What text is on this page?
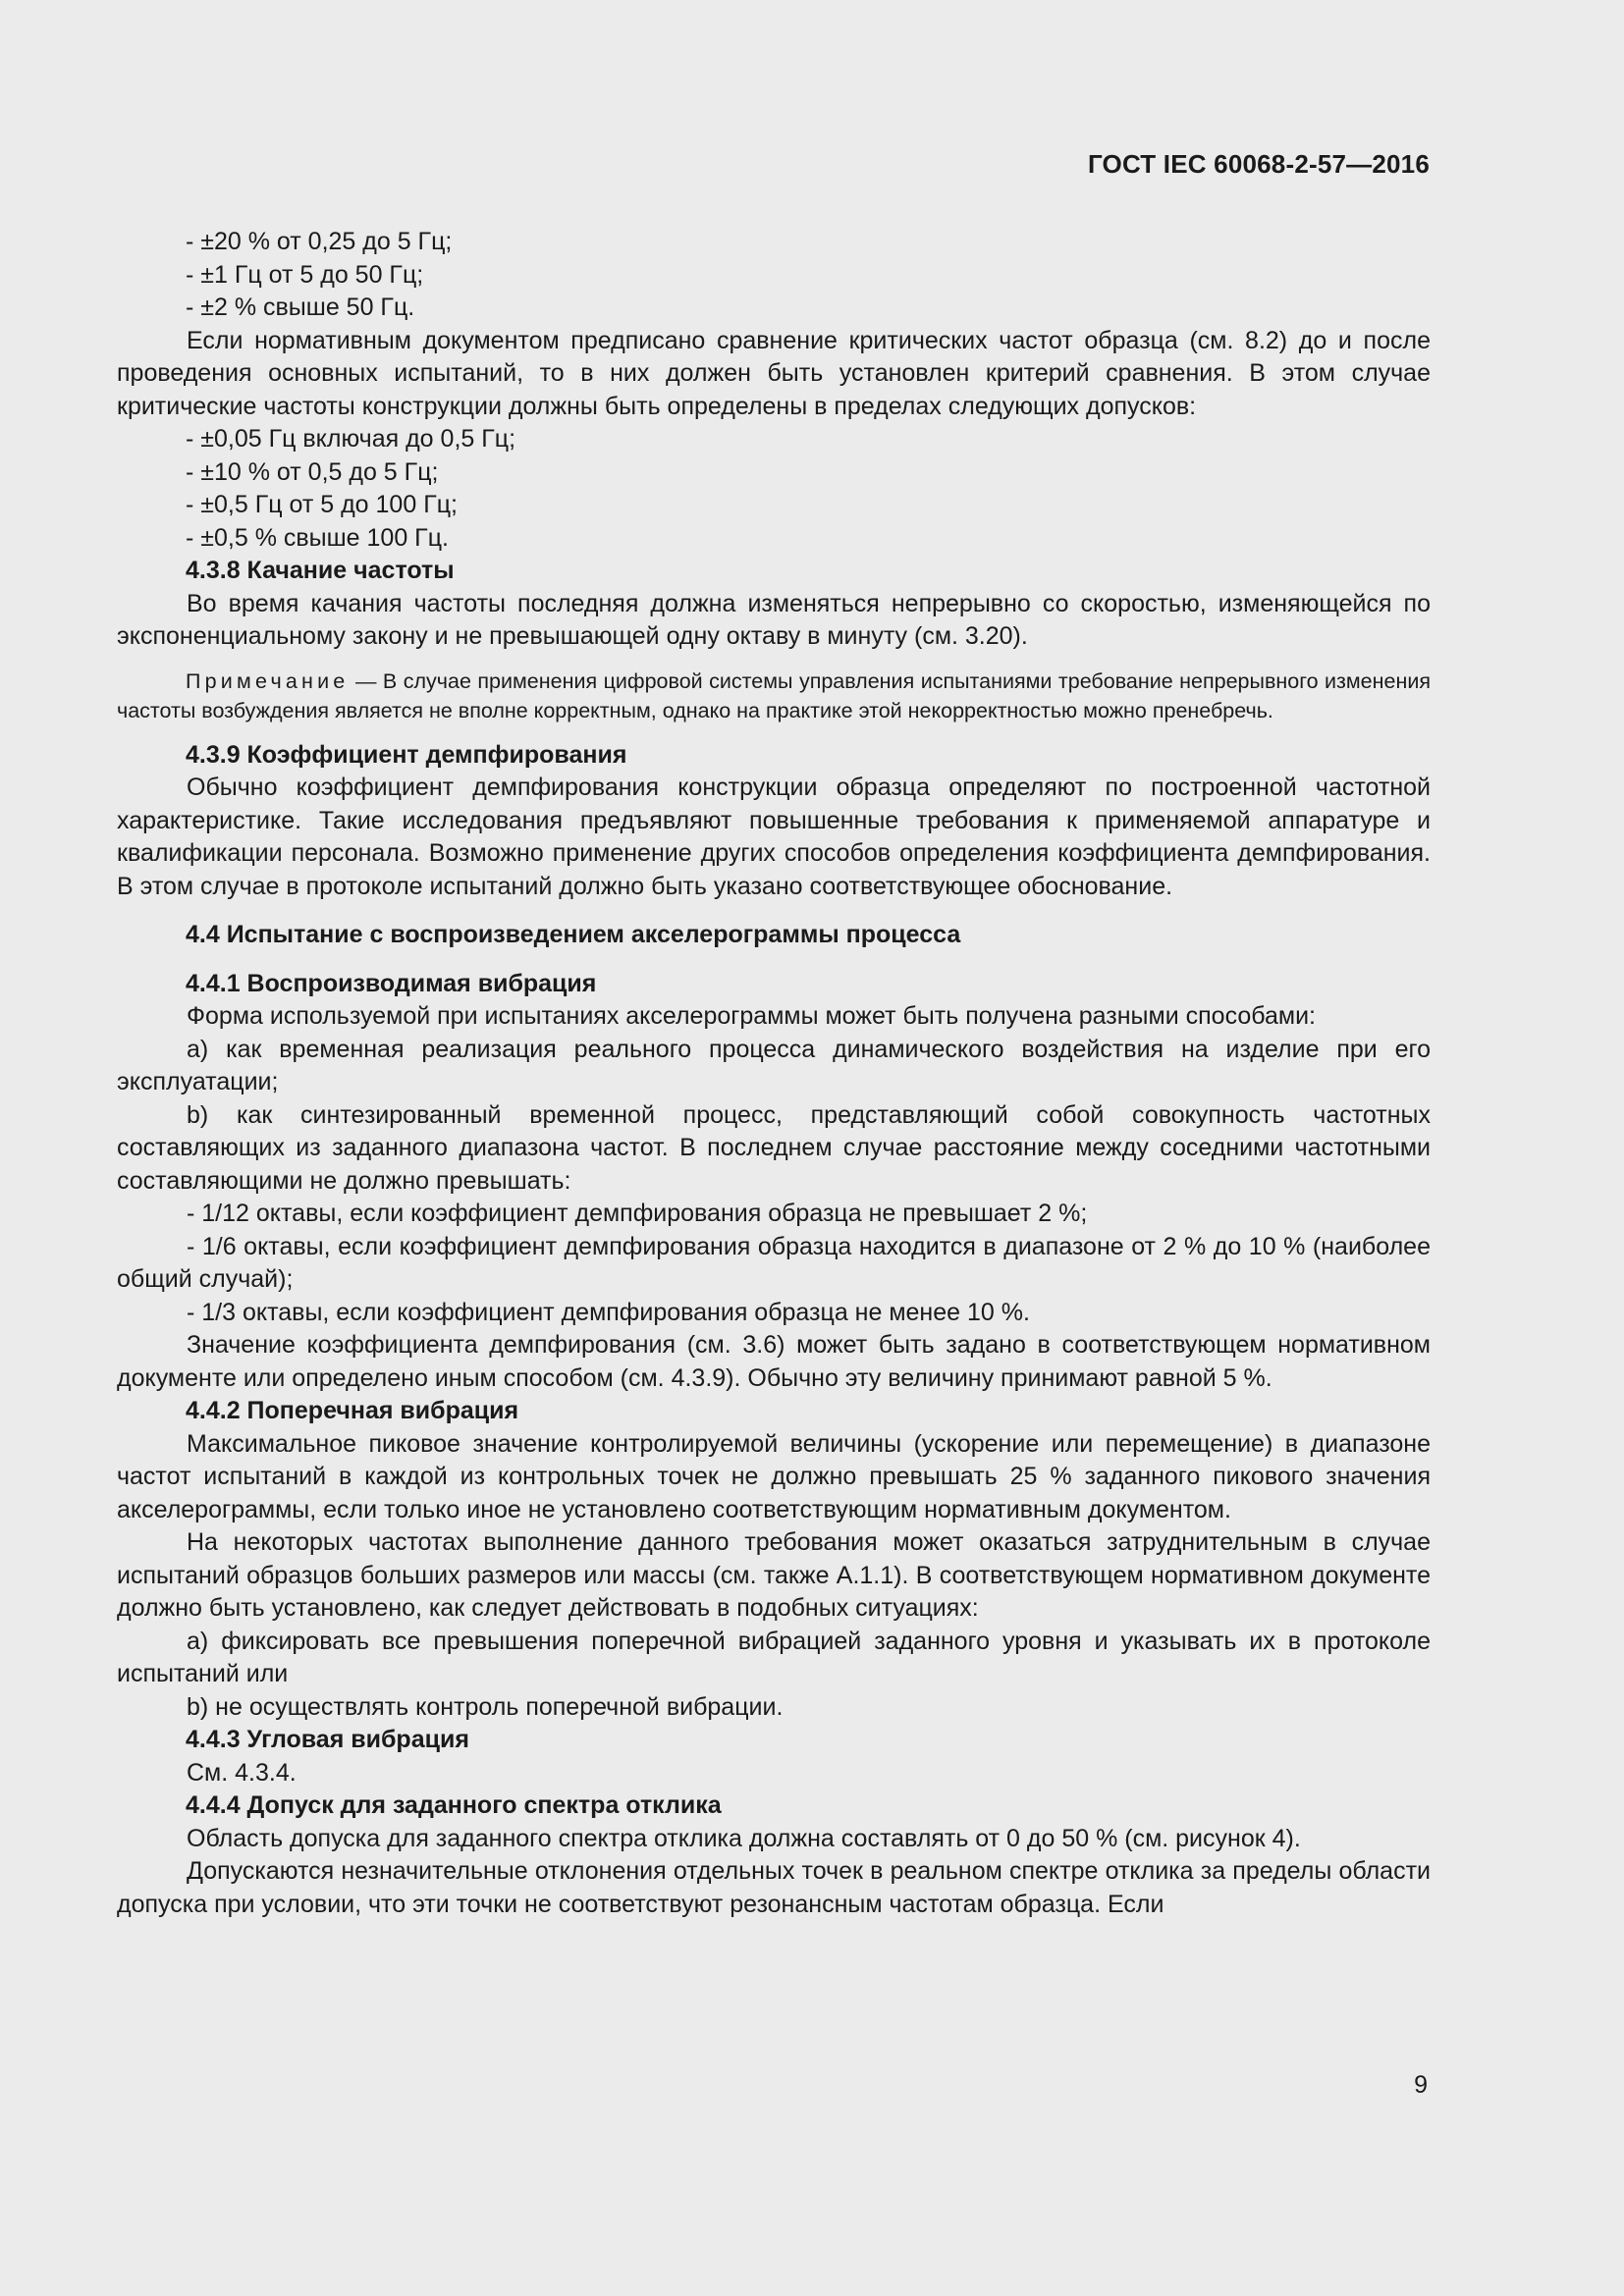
ГОСТ IEC 60068-2-57—2016

- ±20 % от 0,25 до 5 Гц;

- ±1 Гц от 5 до 50 Гц;

- ±2 % свыше 50 Гц.

Если нормативным документом предписано сравнение критических частот образца (см. 8.2) до и после проведения основных испытаний, то в них должен быть установлен критерий сравнения. В этом случае критические частоты конструкции должны быть определены в пределах следующих допусков:

- ±0,05 Гц включая до 0,5 Гц;

- ±10 % от 0,5 до 5 Гц;

- ±0,5 Гц от 5 до 100 Гц;

- ±0,5 % свыше 100 Гц.

4.3.8 Качание частоты

Во время качания частоты последняя должна изменяться непрерывно со скоростью, изменяющейся по экспоненциальному закону и не превышающей одну октаву в минуту (см. 3.20).

Примечание — В случае применения цифровой системы управления испытаниями требование непрерывного изменения частоты возбуждения является не вполне корректным, однако на практике этой некорректностью можно пренебречь.

4.3.9 Коэффициент демпфирования

Обычно коэффициент демпфирования конструкции образца определяют по построенной частотной характеристике. Такие исследования предъявляют повышенные требования к применяемой аппаратуре и квалификации персонала. Возможно применение других способов определения коэффициента демпфирования. В этом случае в протоколе испытаний должно быть указано соответствующее обоснование.

4.4 Испытание с воспроизведением акселерограммы процесса

4.4.1 Воспроизводимая вибрация

Форма используемой при испытаниях акселерограммы может быть получена разными способами:

а) как временная реализация реального процесса динамического воздействия на изделие при его эксплуатации;

b) как синтезированный временной процесс, представляющий собой совокупность частотных составляющих из заданного диапазона частот. В последнем случае расстояние между соседними частотными составляющими не должно превышать:

- 1/12 октавы, если коэффициент демпфирования образца не превышает 2 %;

- 1/6 октавы, если коэффициент демпфирования образца находится в диапазоне от 2 % до 10 % (наиболее общий случай);

- 1/3 октавы, если коэффициент демпфирования образца не менее 10 %.

Значение коэффициента демпфирования (см. 3.6) может быть задано в соответствующем нормативном документе или определено иным способом (см. 4.3.9). Обычно эту величину принимают равной 5 %.

4.4.2 Поперечная вибрация

Максимальное пиковое значение контролируемой величины (ускорение или перемещение) в диапазоне частот испытаний в каждой из контрольных точек не должно превышать 25 % заданного пикового значения акселерограммы, если только иное не установлено соответствующим нормативным документом.

На некоторых частотах выполнение данного требования может оказаться затруднительным в случае испытаний образцов больших размеров или массы (см. также А.1.1). В соответствующем нормативном документе должно быть установлено, как следует действовать в подобных ситуациях:

а) фиксировать все превышения поперечной вибрацией заданного уровня и указывать их в протоколе испытаний или

b) не осуществлять контроль поперечной вибрации.

4.4.3 Угловая вибрация

См. 4.3.4.

4.4.4 Допуск для заданного спектра отклика

Область допуска для заданного спектра отклика должна составлять от 0 до 50 % (см. рисунок 4).

Допускаются незначительные отклонения отдельных точек в реальном спектре отклика за пределы области допуска при условии, что эти точки не соответствуют резонансным частотам образца. Если

9
